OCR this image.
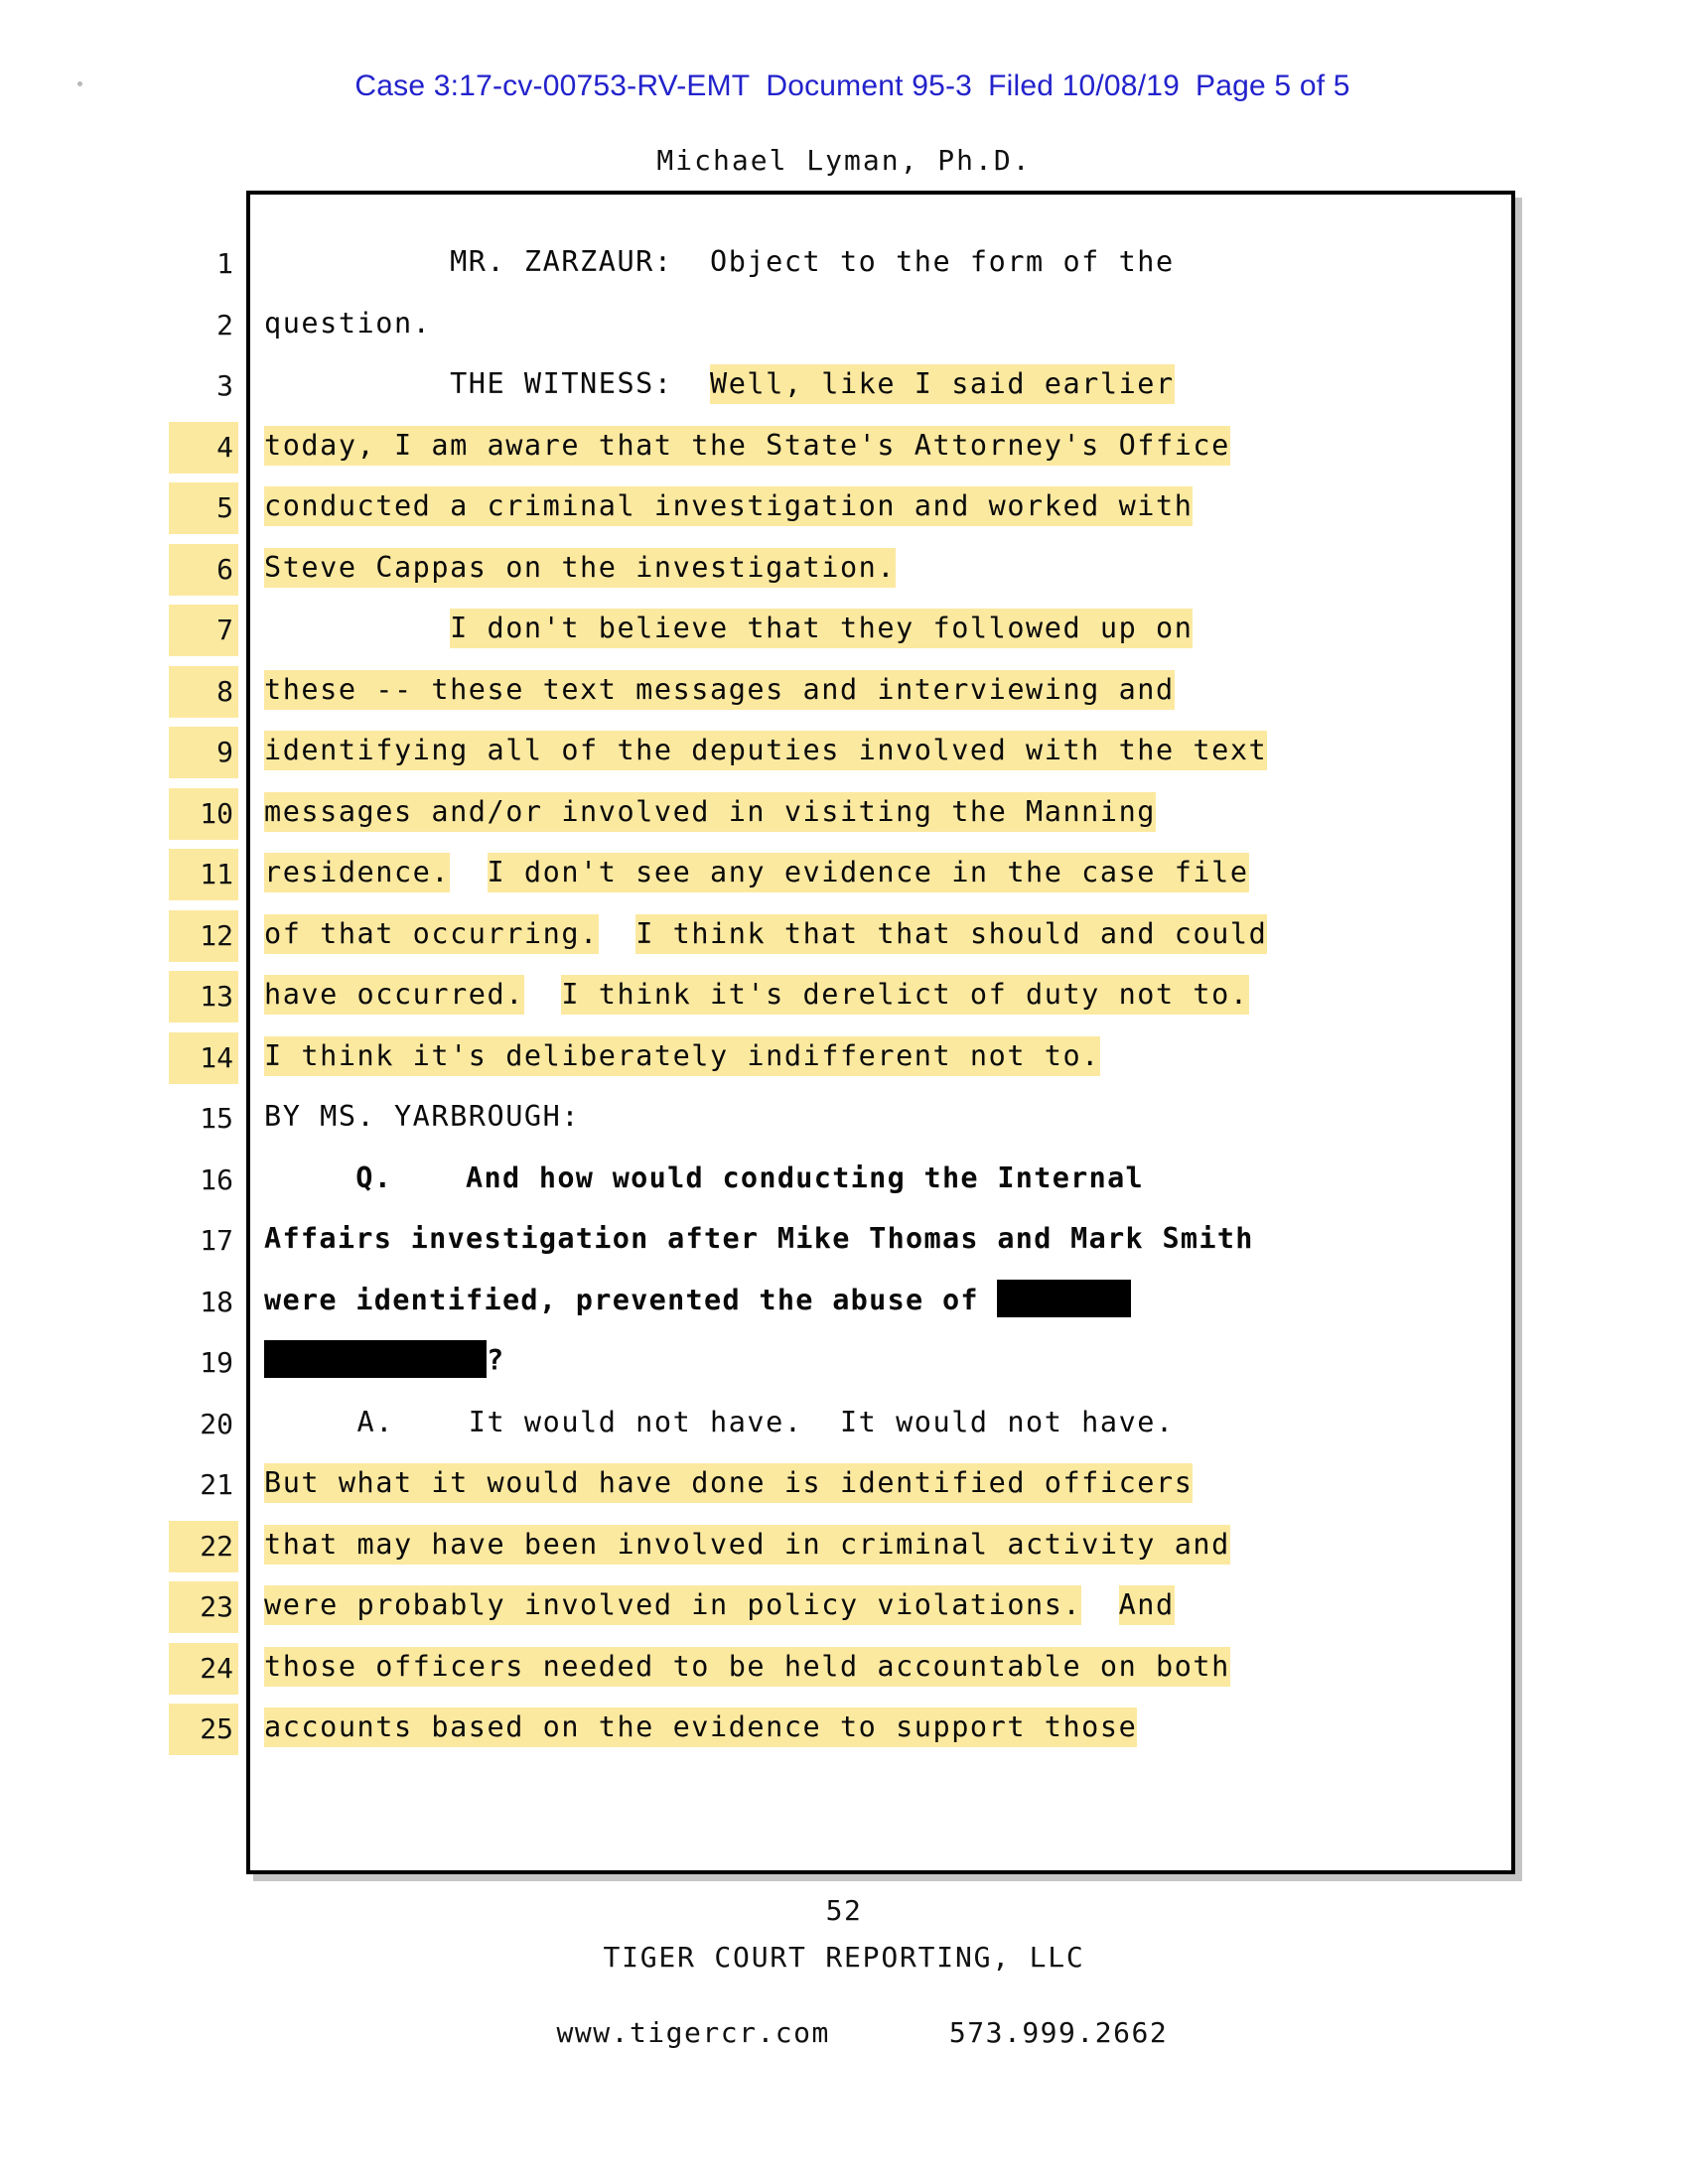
Case 3:17-cv-00753-RV-EMT Document 95-3 Filed 10/08/19 Page 5 of 5

Michael Lyman, Ph.D.
1 MR. ZARZAUR:  Object to the form of the
2 question.
3 THE WITNESS:  Well, like I said earlier
4 today, I am aware that the State's Attorney's Office
5 conducted a criminal investigation and worked with
6 Steve Cappas on the investigation.
7	I don't believe that they followed up on
8 these -- these text messages and interviewing and
9 identifying all of the deputies involved with the text
10 messages and/or involved in visiting the Manning
11 residence. I don't see any evidence in the case file
12 of that occurring. I think that that should and could
13 have occurred. I think it's derelict of duty not to.
14 I think it's deliberately indifferent not to.
15 BY MS. YARBROUGH:
16 Q.    And how would conducting the Internal
17 Affairs investigation after Mike Thomas and Mark Smith
18 were identified, prevented the abuse of
19	?
20 A.    It would not have.  It would not have.
21 But what it would have done is identified officers
22 that may have been involved in criminal activity and
23 were probably involved in policy violations. And
24 those officers needed to be held accountable on both
25 accounts based on the evidence to support those
52
TIGER COURT REPORTING, LLC

www.tigercr.com	573.999.2662
